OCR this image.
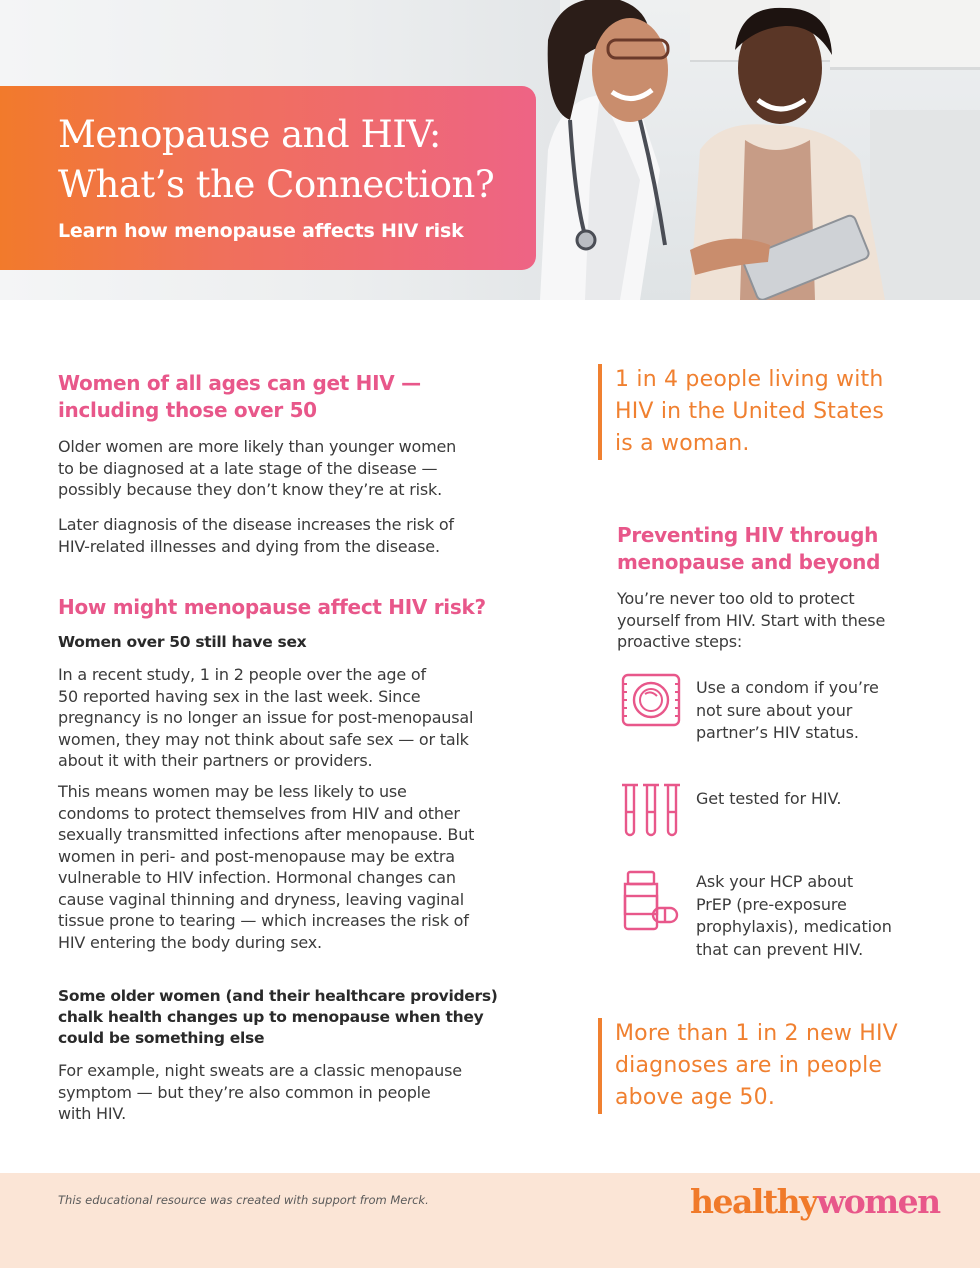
Menopause and HIV:
What’s the Connection?
Learn how menopause affects HIV risk
Women of all ages can get HIV —
including those over 50
Older women are more likely than younger women
to be diagnosed at a late stage of the disease —
possibly because they don’t know they’re at risk.
Later diagnosis of the disease increases the risk of
HIV-related illnesses and dying from the disease.
How might menopause affect HIV risk?
Women over 50 still have sex
In a recent study, 1 in 2 people over the age of
50 reported having sex in the last week. Since
pregnancy is no longer an issue for post-menopausal
women, they may not think about safe sex — or talk
about it with their partners or providers.
This means women may be less likely to use
condoms to protect themselves from HIV and other
sexually transmitted infections after menopause. But
women in peri- and post-menopause may be extra
vulnerable to HIV infection. Hormonal changes can
cause vaginal thinning and dryness, leaving vaginal
tissue prone to tearing — which increases the risk of
HIV entering the body during sex.
Some older women (and their healthcare providers)
chalk health changes up to menopause when they
could be something else
For example, night sweats are a classic menopause
symptom — but they’re also common in people
with HIV.
1 in 4 people living with
HIV in the United States
is a woman.
Preventing HIV through
menopause and beyond
You’re never too old to protect
yourself from HIV. Start with these
proactive steps:
Use a condom if you’re
not sure about your
partner’s HIV status.
Get tested for HIV.
Ask your HCP about
PrEP (pre-exposure
prophylaxis), medication
that can prevent HIV.
More than 1 in 2 new HIV
diagnoses are in people
above age 50.
This educational resource was created with support from Merck.	healthywomen
